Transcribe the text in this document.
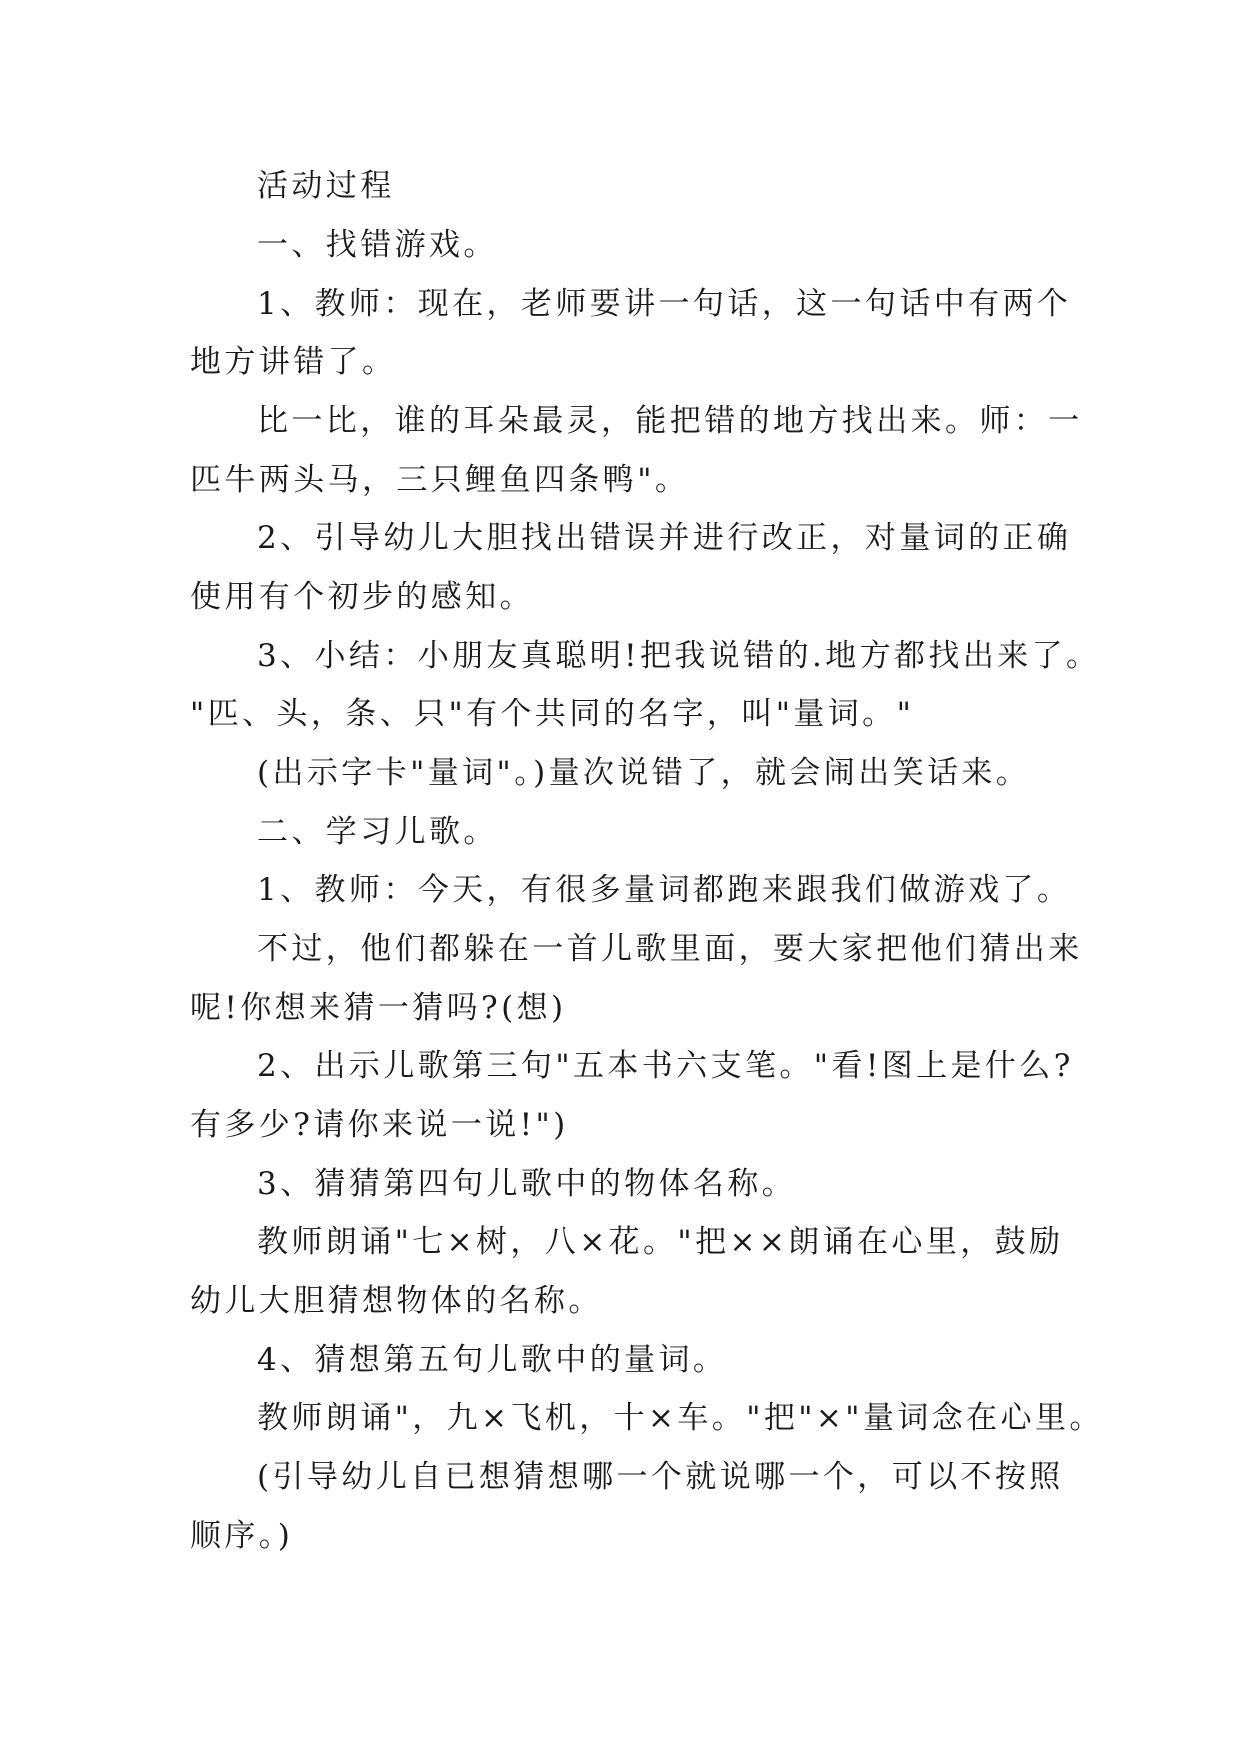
活动过程
一、找错游戏。
1、教师：现在，老师要讲一句话，这一句话中有两个
地方讲错了。
比一比，谁的耳朵最灵，能把错的地方找出来。师：一
匹牛两头马，三只鲤鱼四条鸭"。
2、引导幼儿大胆找出错误并进行改正，对量词的正确
使用有个初步的感知。
3、小结：小朋友真聪明!把我说错的.地方都找出来了。
"匹、头，条、只"有个共同的名字，叫"量词。"
(出示字卡"量词"。)量次说错了，就会闹出笑话来。
二、学习儿歌。
1、教师：今天，有很多量词都跑来跟我们做游戏了。
不过，他们都躲在一首儿歌里面，要大家把他们猜出来
呢!你想来猜一猜吗?(想)
2、出示儿歌第三句"五本书六支笔。"看!图上是什么?
有多少?请你来说一说!")
3、猜猜第四句儿歌中的物体名称。
教师朗诵"七×树，八×花。"把××朗诵在心里，鼓励
幼儿大胆猜想物体的名称。
4、猜想第五句儿歌中的量词。
教师朗诵"，九×飞机，十×车。"把"×"量词念在心里。
(引导幼儿自已想猜想哪一个就说哪一个，可以不按照
顺序。)
